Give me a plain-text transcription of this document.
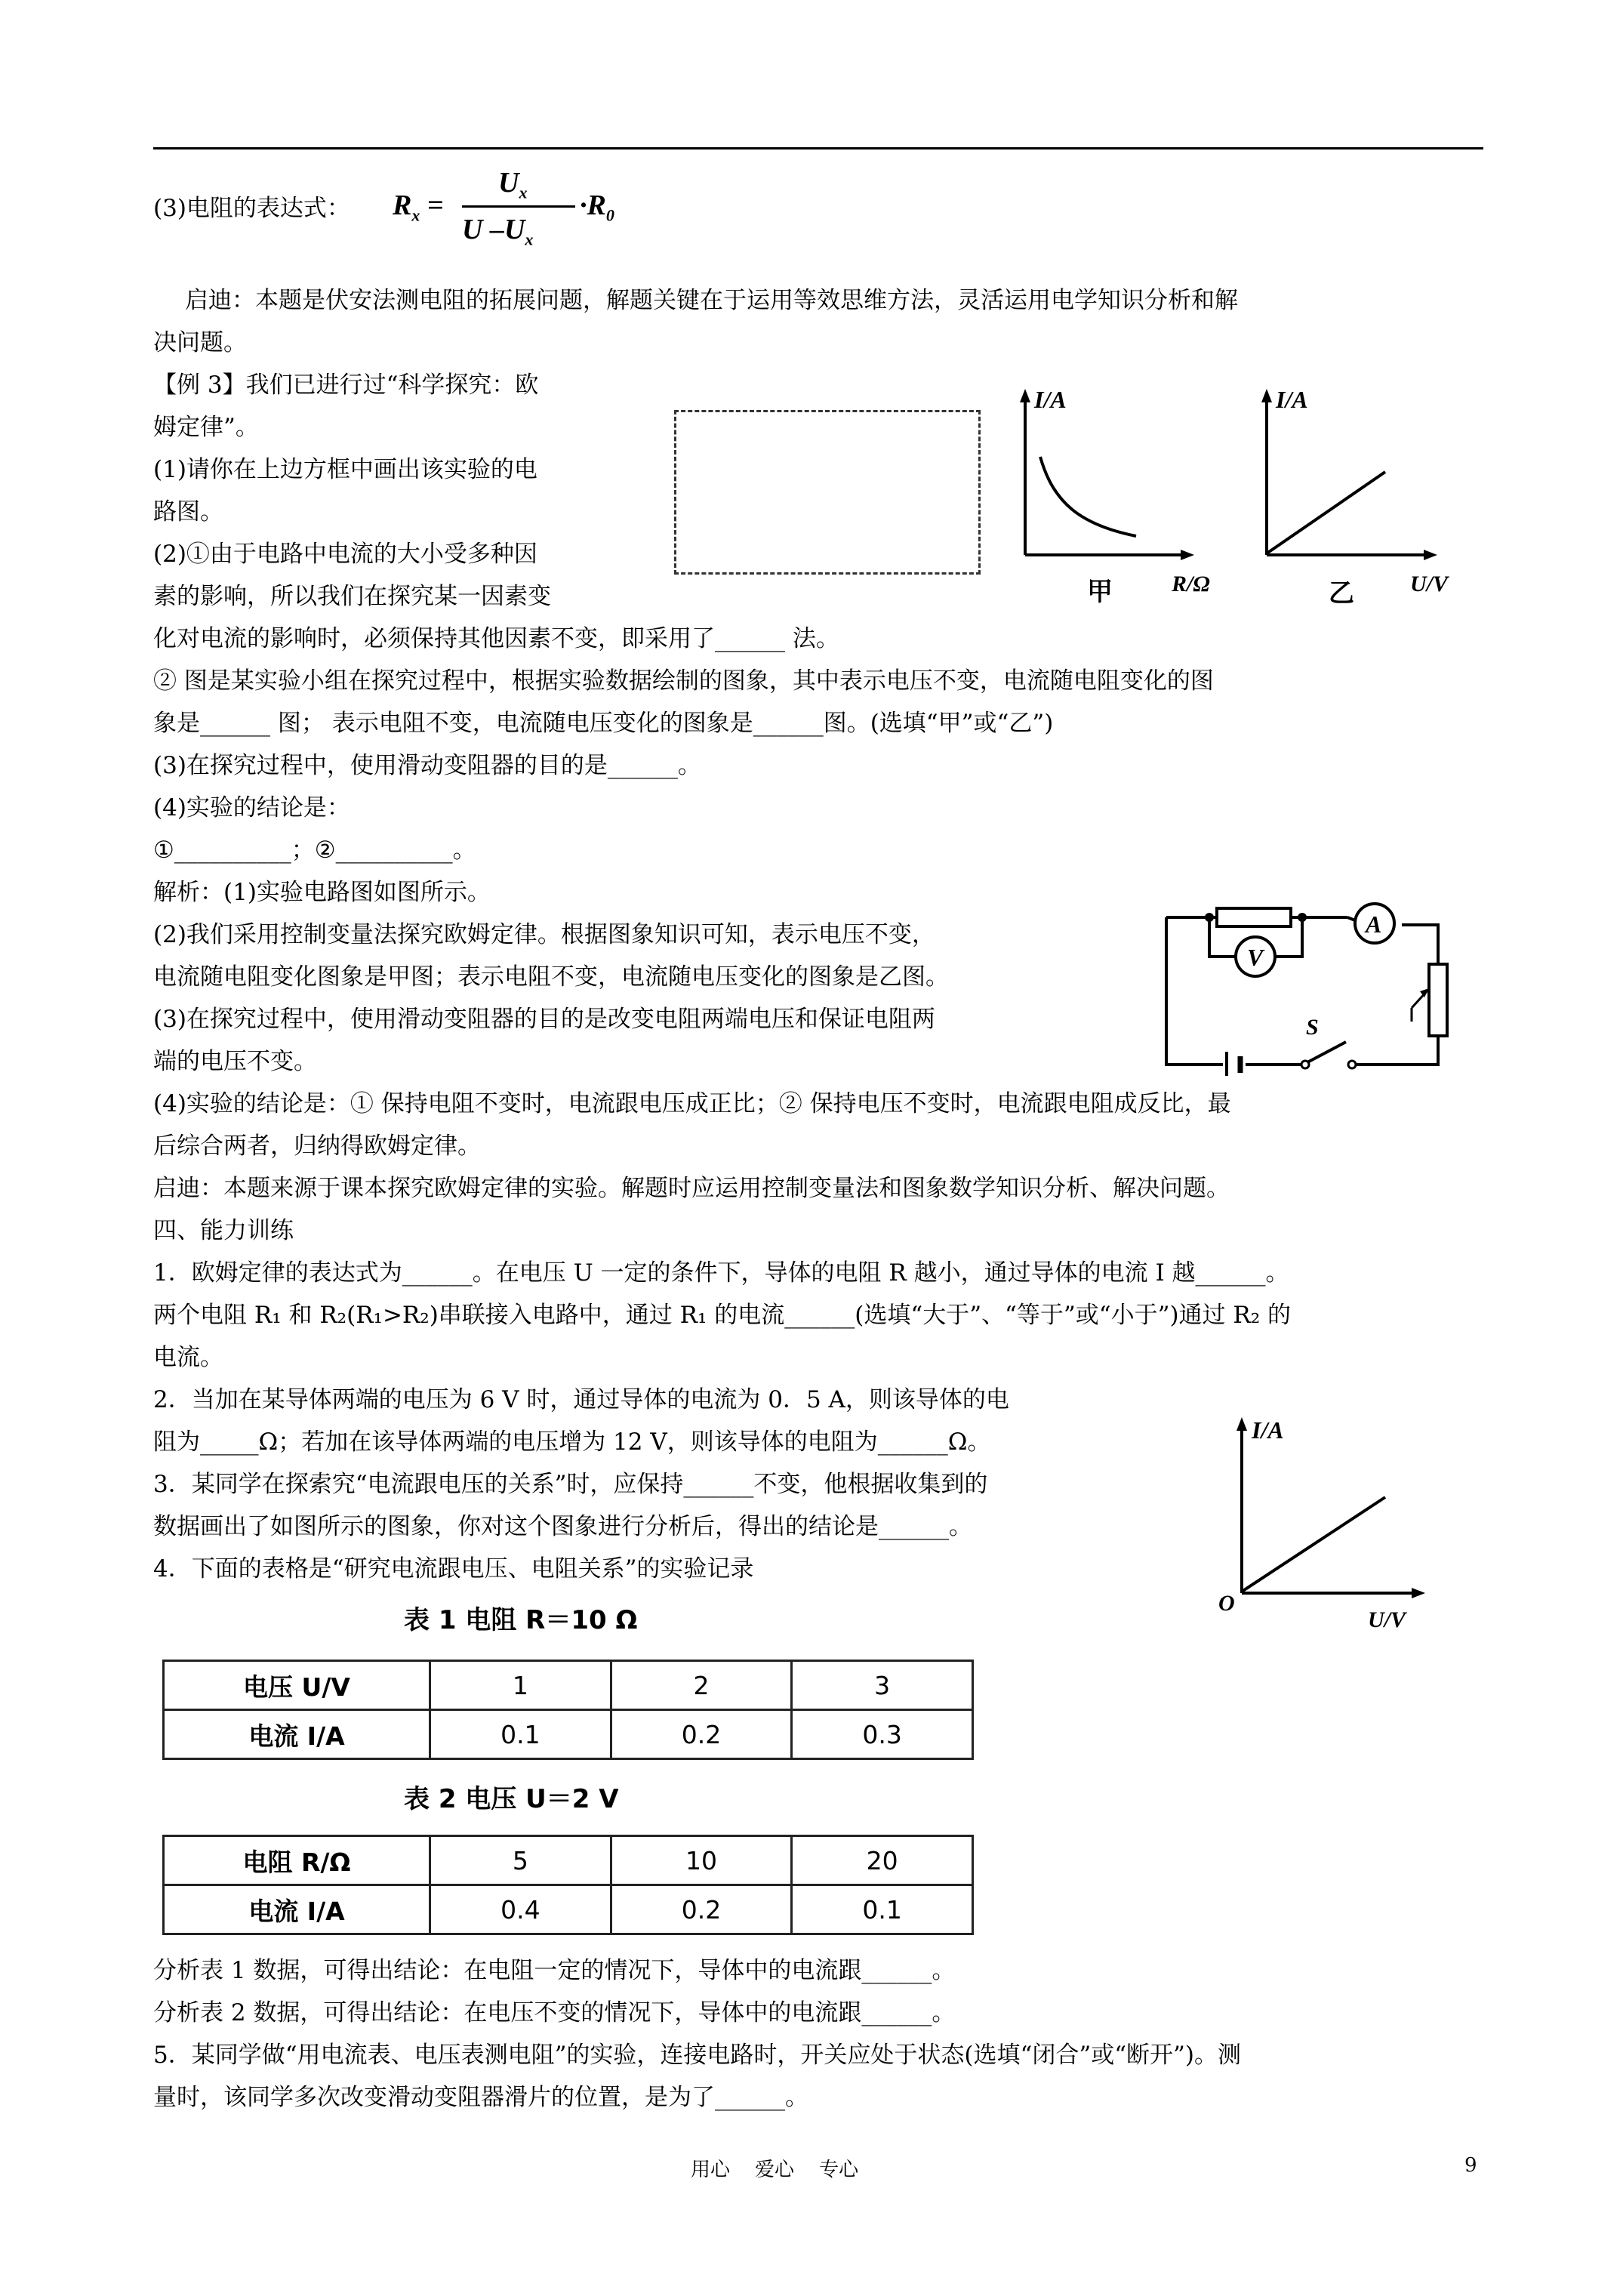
(3)电阻的表达式： $R_x$ =
$U_x$
U $-U_x$
$\cdot R_0$
启迪：本题是伏安法测电阻的拓展问题，解题关键在于运用等效思维方法，灵活运用电学知识分析和解
决问题。
【例 3】我们已进行过“科学探究：欧
姆定律”。
(1)请你在上边方框中画出该实验的电
路图。
(2)①由于电路中电流的大小受多种因
素的影响，所以我们在探究某一因素变
I/A
R/Ω
甲
I/A
U/V
乙
化对电流的影响时，必须保持其他因素不变，即采用了______ 法。
② 图是某实验小组在探究过程中，根据实验数据绘制的图象，其中表示电压不变，电流随电阻变化的图
象是______ 图； 表示电阻不变，电流随电压变化的图象是______图。(选填“甲”或“乙”)
(3)在探究过程中，使用滑动变阻器的目的是______。
(4)实验的结论是：
①__________；②__________。
解析：(1)实验电路图如图所示。
(2)我们采用控制变量法探究欧姆定律。根据图象知识可知，表示电压不变，
电流随电阻变化图象是甲图；表示电阻不变，电流随电压变化的图象是乙图。
(3)在探究过程中，使用滑动变阻器的目的是改变电阻两端电压和保证电阻两
端的电压不变。
V
A
S
(4)实验的结论是：① 保持电阻不变时，电流跟电压成正比；② 保持电压不变时，电流跟电阻成反比，最
后综合两者，归纳得欧姆定律。
启迪：本题来源于课本探究欧姆定律的实验。解题时应运用控制变量法和图象数学知识分析、解决问题。
四、能力训练
1．欧姆定律的表达式为______。在电压 U 一定的条件下，导体的电阻 R 越小，通过导体的电流 I 越______。
两个电阻 R₁ 和 R₂(R₁>R₂)串联接入电路中，通过 R₁ 的电流______(选填“大于”、“等于”或“小于”)通过 R₂ 的
电流。
2．当加在某导体两端的电压为 6 V 时，通过导体的电流为 0．5 A，则该导体的电
阻为_____Ω；若加在该导体两端的电压增为 12 V，则该导体的电阻为______Ω。
3．某同学在探索究“电流跟电压的关系”时，应保持______不变，他根据收集到的
数据画出了如图所示的图象，你对这个图象进行分析后，得出的结论是______。
4．下面的表格是“研究电流跟电压、电阻关系”的实验记录
I/A
O
U/V
表 1 电阻 R＝10 Ω
电压 U/V	1	2	3
电流 I/A	0.1	0.2	0.3
表 2 电压 U＝2 V
电阻 R/Ω	5	10	20
电流 I/A	0.4	0.2	0.1
分析表 1 数据，可得出结论：在电阻一定的情况下，导体中的电流跟______。
分析表 2 数据，可得出结论：在电压不变的情况下，导体中的电流跟______。
5．某同学做“用电流表、电压表测电阻”的实验，连接电路时，开关应处于状态(选填“闭合”或“断开”)。测
量时，该同学多次改变滑动变阻器滑片的位置，是为了______。
用心    爱心    专心	9
